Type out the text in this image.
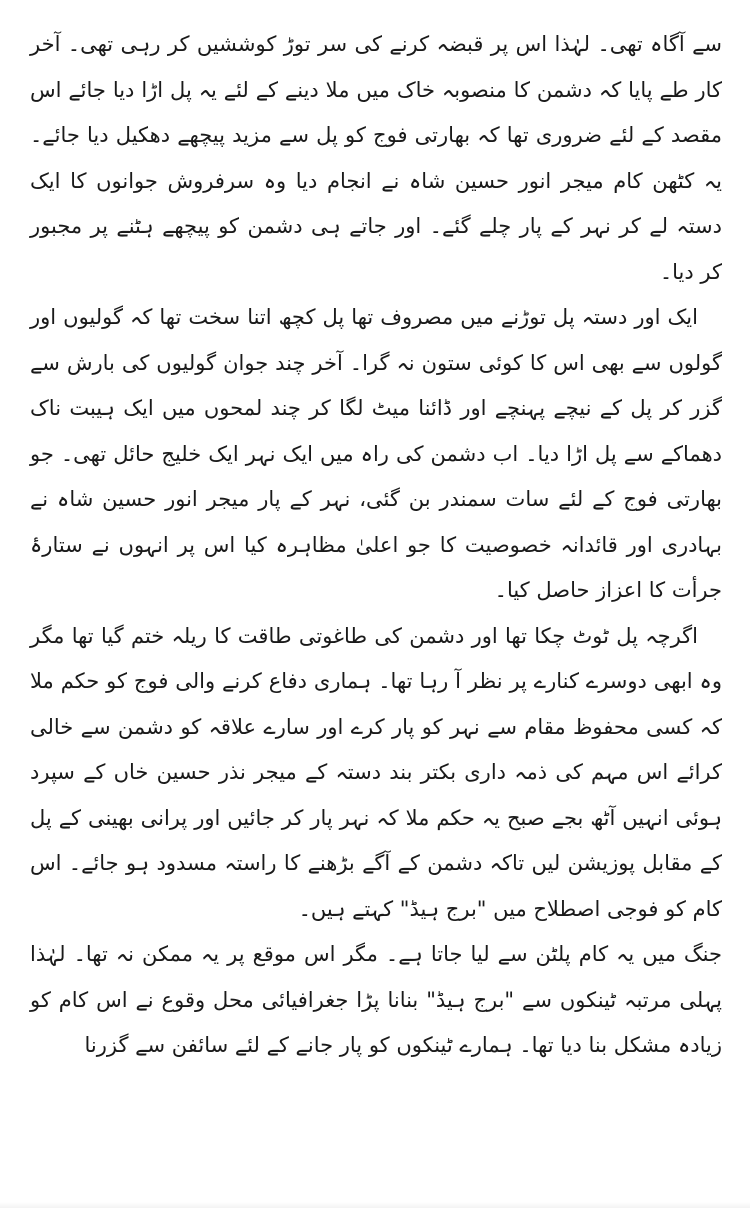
سے آگاہ تھی۔ لہٰذا اس پر قبضہ کرنے کی سر توڑ کوششیں کر رہی تھی۔ آخر کار طے پایا کہ دشمن کا منصوبہ خاک میں ملا دینے کے لئے یہ پل اڑا دیا جائے اس مقصد کے لئے ضروری تھا کہ بھارتی فوج کو پل سے مزید پیچھے دھکیل دیا جائے۔ یہ کٹھن کام میجر انور حسین شاہ نے انجام دیا وہ سرفروش جوانوں کا ایک دستہ لے کر نہر کے پار چلے گئے۔ اور جاتے ہی دشمن کو پیچھے ہٹنے پر مجبور کر دیا۔

ایک اور دستہ پل توڑنے میں مصروف تھا پل کچھ اتنا سخت تھا کہ گولیوں اور گولوں سے بھی اس کا کوئی ستون نہ گرا۔ آخر چند جوان گولیوں کی بارش سے گزر کر پل کے نیچے پہنچے اور ڈائنا میٹ لگا کر چند لمحوں میں ایک ہیبت ناک دھماکے سے پل اڑا دیا۔ اب دشمن کی راہ میں ایک نہر ایک خلیج حائل تھی۔ جو بھارتی فوج کے لئے سات سمندر بن گئی، نہر کے پار میجر انور حسین شاہ نے بہادری اور قائدانہ خصوصیت کا جو اعلیٰ مظاہرہ کیا اس پر انہوں نے ستارۂ جرأت کا اعزاز حاصل کیا۔

اگرچہ پل ٹوٹ چکا تھا اور دشمن کی طاغوتی طاقت کا ریلہ ختم گیا تھا مگر وہ ابھی دوسرے کنارے پر نظر آ رہا تھا۔ ہماری دفاع کرنے والی فوج کو حکم ملا کہ کسی محفوظ مقام سے نہر کو پار کرے اور سارے علاقہ کو دشمن سے خالی کرائے اس مہم کی ذمہ داری بکتر بند دستہ کے میجر نذر حسین خاں کے سپرد ہوئی انہیں آٹھ بجے صبح یہ حکم ملا کہ نہر پار کر جائیں اور پرانی بھینی کے پل کے مقابل پوزیشن لیں تاکہ دشمن کے آگے بڑھنے کا راستہ مسدود ہو جائے۔ اس کام کو فوجی اصطلاح میں "برج ہیڈ" کہتے ہیں۔

جنگ میں یہ کام پلٹن سے لیا جاتا ہے۔ مگر اس موقع پر یہ ممکن نہ تھا۔ لہٰذا پہلی مرتبہ ٹینکوں سے "برج ہیڈ" بنانا پڑا جغرافیائی محل وقوع نے اس کام کو زیادہ مشکل بنا دیا تھا۔ ہمارے ٹینکوں کو پار جانے کے لئے سائفن سے گزرنا
